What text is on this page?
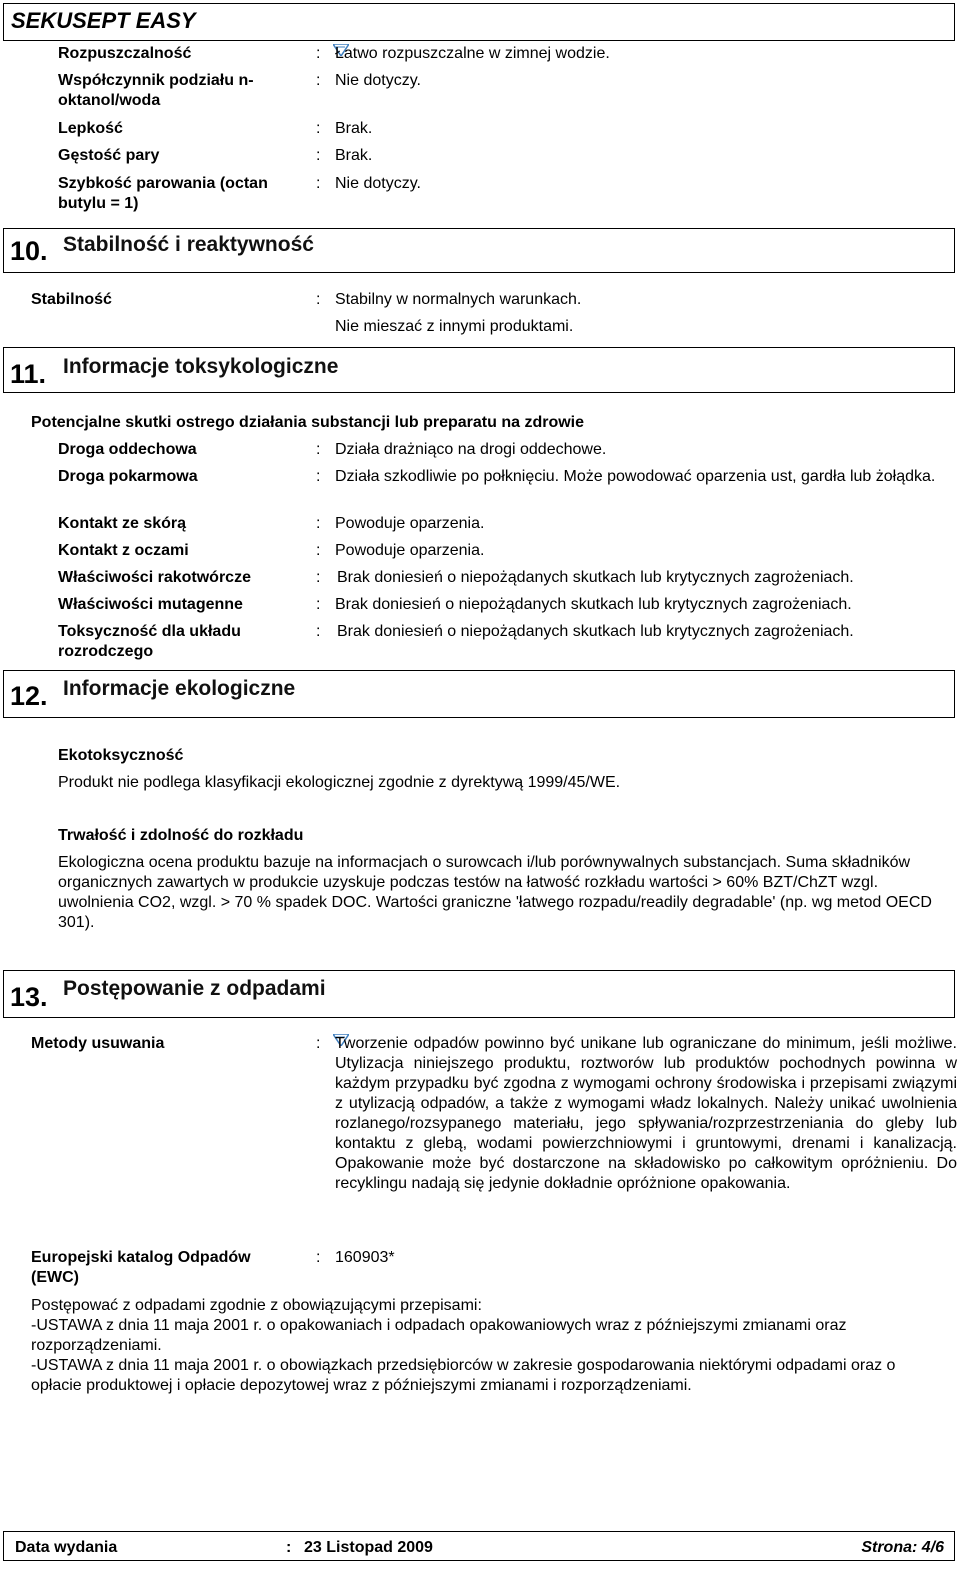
SEKUSEPT EASY
Rozpuszczalność	: Łatwo rozpuszczalne w zimnej wodzie.
Współczynnik podziału n-oktanol/woda
: Nie dotyczy.
Lepkość	: Brak.
Gęstość pary	: Brak.
Szybkość parowania (octan butylu = 1)
: Nie dotyczy.
10. Stabilność i reaktywność
Stabilność	: Stabilny w normalnych warunkach.
Nie mieszać z innymi produktami.
11. Informacje toksykologiczne
Potencjalne skutki ostrego działania substancji lub preparatu na zdrowie
Droga oddechowa	: Działa drażniąco na drogi oddechowe.
Droga pokarmowa	: Działa szkodliwie po połknięciu. Może powodować oparzenia ust, gardła lub żołądka.
Kontakt ze skórą	: Powoduje oparzenia.
Kontakt z oczami	: Powoduje oparzenia.
Właściwości rakotwórcze	: Brak doniesień o niepożądanych skutkach lub krytycznych zagrożeniach.
Właściwości mutagenne	: Brak doniesień o niepożądanych skutkach lub krytycznych zagrożeniach.
Toksyczność dla układu rozrodczego
: Brak doniesień o niepożądanych skutkach lub krytycznych zagrożeniach.
12. Informacje ekologiczne
Ekotoksyczność
Produkt nie podlega klasyfikacji ekologicznej zgodnie z dyrektywą 1999/45/WE.
Trwałość i zdolność do rozkładu
Ekologiczna ocena produktu bazuje na informacjach o surowcach i/lub porównywalnych substancjach. Suma składników organicznych zawartych w produkcie uzyskuje podczas testów na łatwość rozkładu wartości > 60% BZT/ChZT wzgl. uwolnienia CO2, wzgl. > 70 % spadek DOC. Wartości graniczne 'łatwego rozpadu/readily degradable' (np. wg metod OECD 301).
13. Postępowanie z odpadami
Metody usuwania	: Tworzenie odpadów powinno być unikane lub ograniczane do minimum, jeśli możliwe. Utylizacja niniejszego produktu, roztworów lub produktów pochodnych powinna w każdym przypadku być zgodna z wymogami ochrony środowiska i przepisami związymi z utylizacją odpadów, a także z wymogami władz lokalnych. Należy unikać uwolnienia rozlanego/rozsypanego materiału, jego spływania/rozprzestrzeniania do gleby lub kontaktu z glebą, wodami powierzchniowymi i gruntowymi, drenami i kanalizacją. Opakowanie może być dostarczone na składowisko po całkowitym opróżnieniu. Do recyklingu nadają się jedynie dokładnie opróżnione opakowania.
Europejski katalog Odpadów (EWC)
: 160903*
Postępować z odpadami zgodnie z obowiązującymi przepisami:
-USTAWA z dnia 11 maja 2001 r. o opakowaniach i odpadach opakowaniowych wraz z późniejszymi zmianami oraz rozporządzeniami.
-USTAWA z dnia 11 maja 2001 r. o obowiązkach przedsiębiorców w zakresie gospodarowania niektórymi odpadami oraz o opłacie produktowej i opłacie depozytowej wraz z późniejszymi zmianami i rozporządzeniami.
Data wydania	: 23 Listopad 2009	Strona: 4/6
